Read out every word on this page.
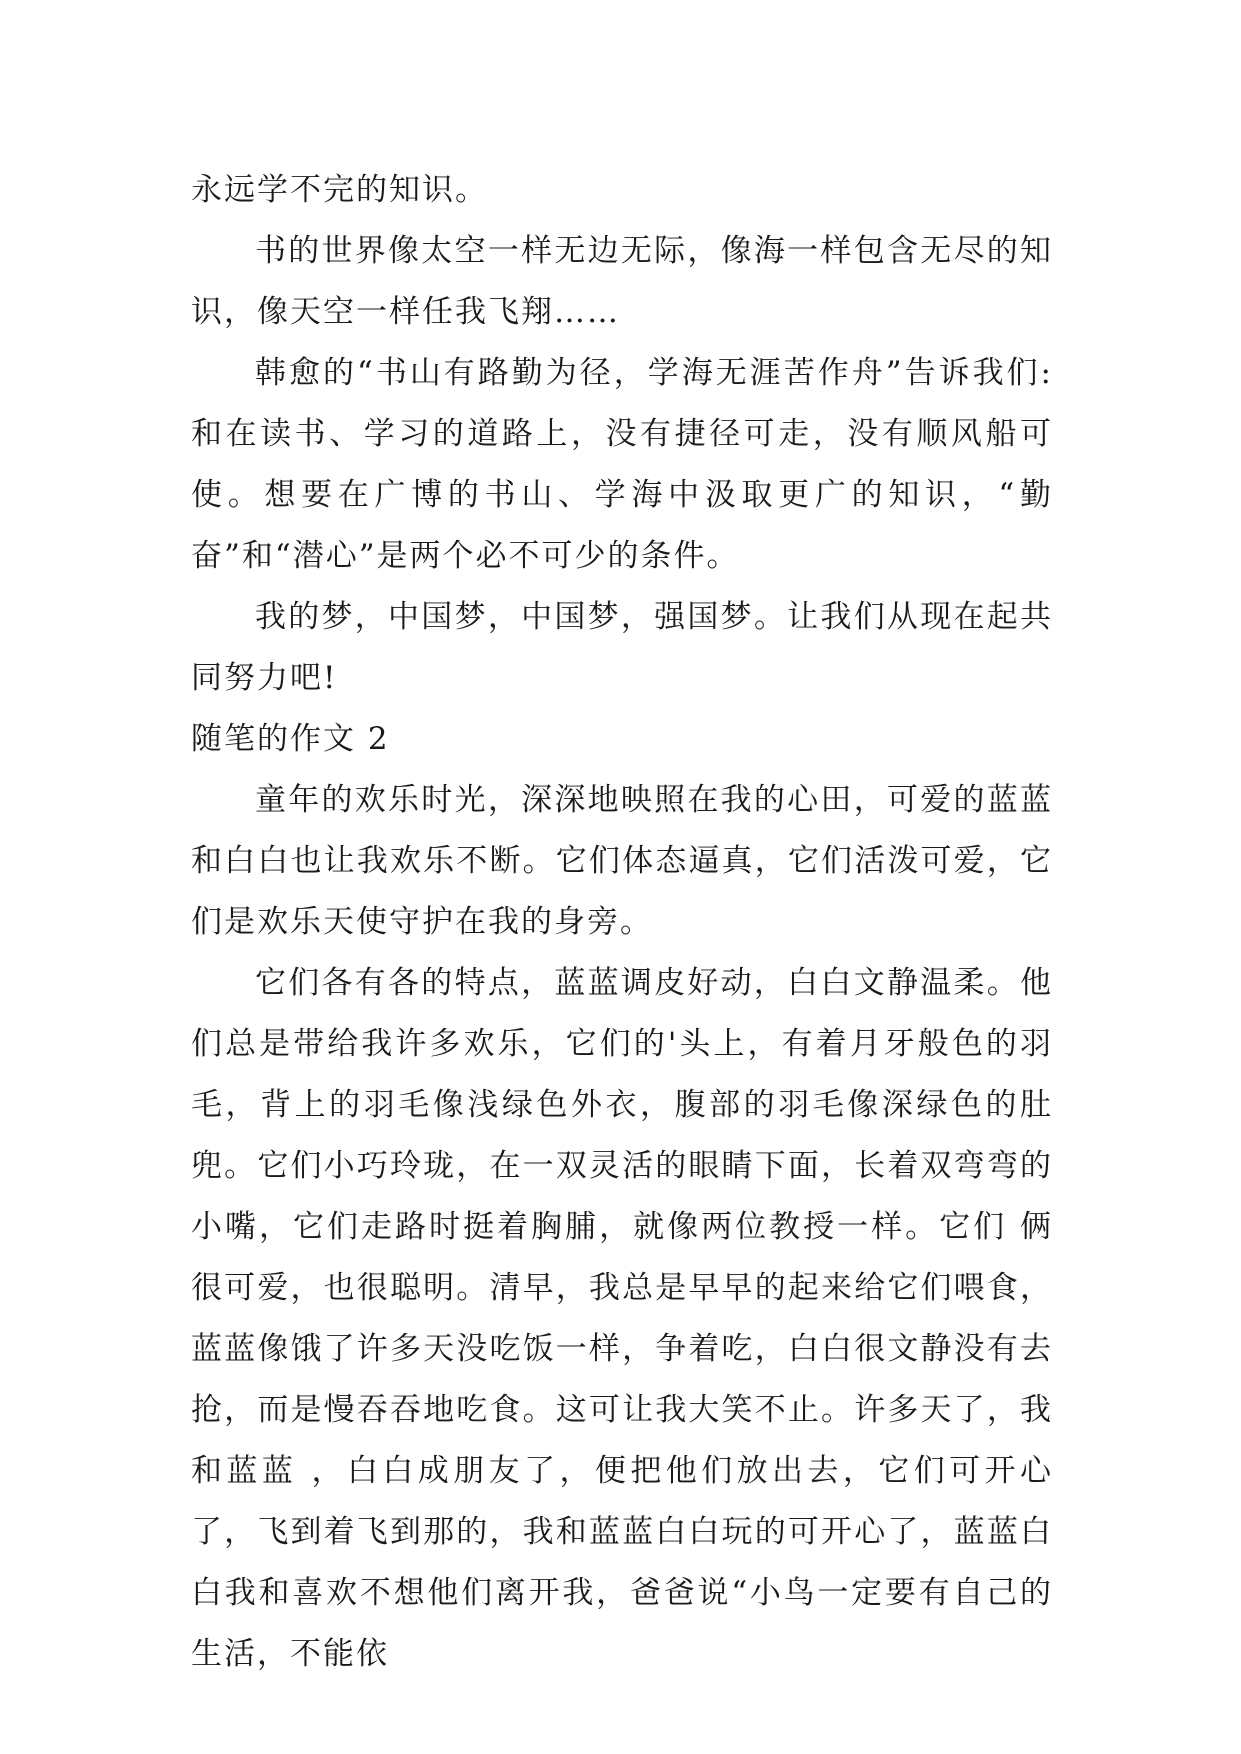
永远学不完的知识。

书的世界像太空一样无边无际，像海一样包含无尽的知识，像天空一样任我飞翔……

韩愈的“书山有路勤为径，学海无涯苦作舟”告诉我们:和在读书、学习的道路上，没有捷径可走，没有顺风船可使。想要在广博的书山、学海中汲取更广的知识，“勤奋”和“潜心”是两个必不可少的条件。

我的梦，中国梦，中国梦，强国梦。让我们从现在起共同努力吧!

随笔的作文 2

童年的欢乐时光，深深地映照在我的心田，可爱的蓝蓝和白白也让我欢乐不断。它们体态逼真，它们活泼可爱，它们是欢乐天使守护在我的身旁。

它们各有各的特点，蓝蓝调皮好动，白白文静温柔。他们总是带给我许多欢乐，它们的'头上，有着月牙般色的羽毛，背上的羽毛像浅绿色外衣，腹部的羽毛像深绿色的肚兜。它们小巧玲珑，在一双灵活的眼睛下面，长着双弯弯的小嘴，它们走路时挺着胸脯，就像两位教授一样。它们 俩 很可爱，也很聪明。清早，我总是早早的起来给它们喂食，蓝蓝像饿了许多天没吃饭一样，争着吃，白白很文静没有去抢，而是慢吞吞地吃食。这可让我大笑不止。许多天了，我和蓝蓝 ，白白成朋友了，便把他们放出去，它们可开心了，飞到着飞到那的，我和蓝蓝白白玩的可开心了，蓝蓝白白我和喜欢不想他们离开我，爸爸说“小鸟一定要有自己的生活，不能依
